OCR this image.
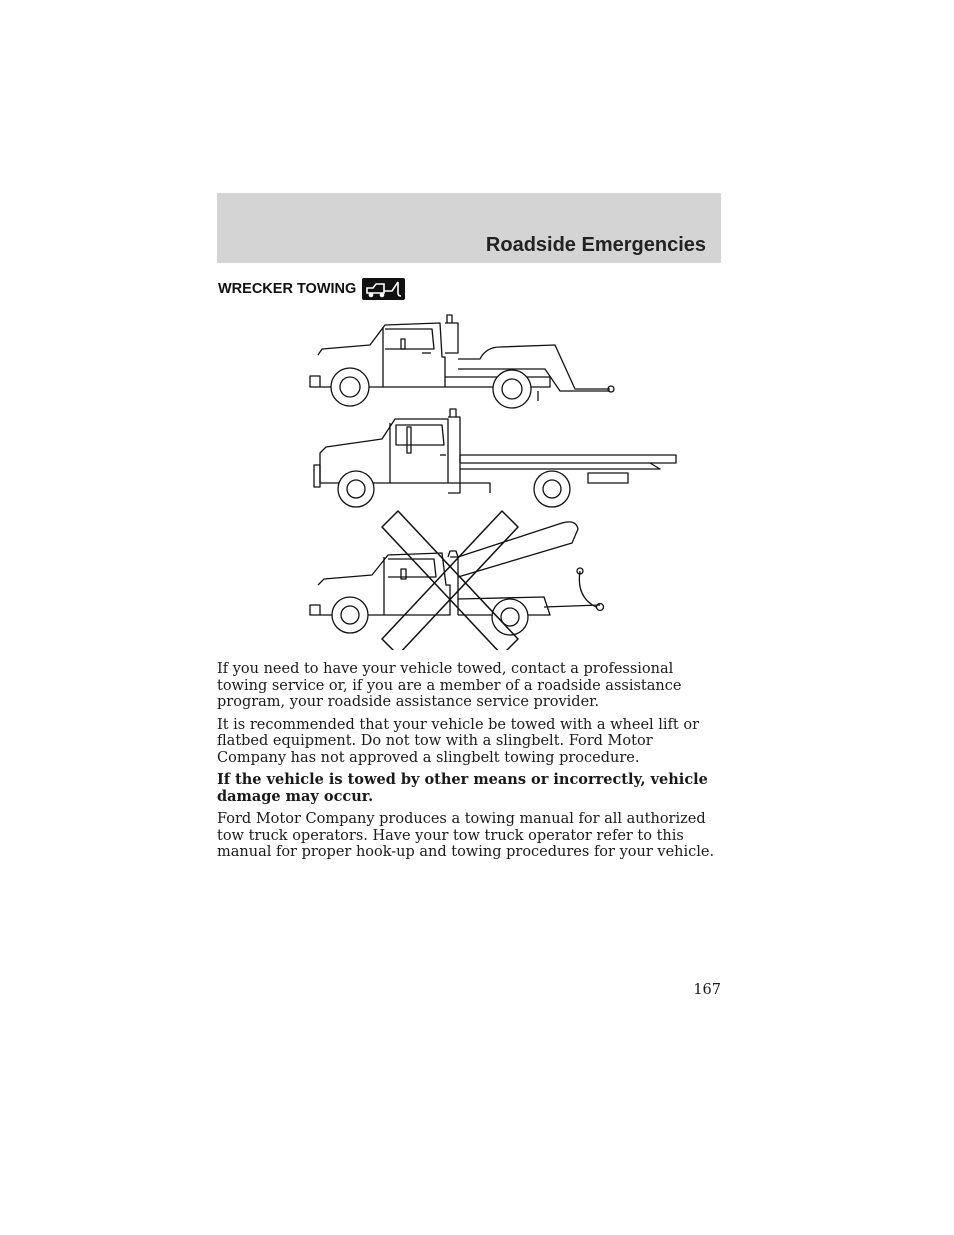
Roadside Emergencies
WRECKER TOWING

If you need to have your vehicle towed, contact a professional towing service or, if you are a member of a roadside assistance program, your roadside assistance service provider.

It is recommended that your vehicle be towed with a wheel lift or flatbed equipment. Do not tow with a slingbelt. Ford Motor Company has not approved a slingbelt towing procedure.

If the vehicle is towed by other means or incorrectly, vehicle damage may occur.

Ford Motor Company produces a towing manual for all authorized tow truck operators. Have your tow truck operator refer to this manual for proper hook-up and towing procedures for your vehicle.

167
